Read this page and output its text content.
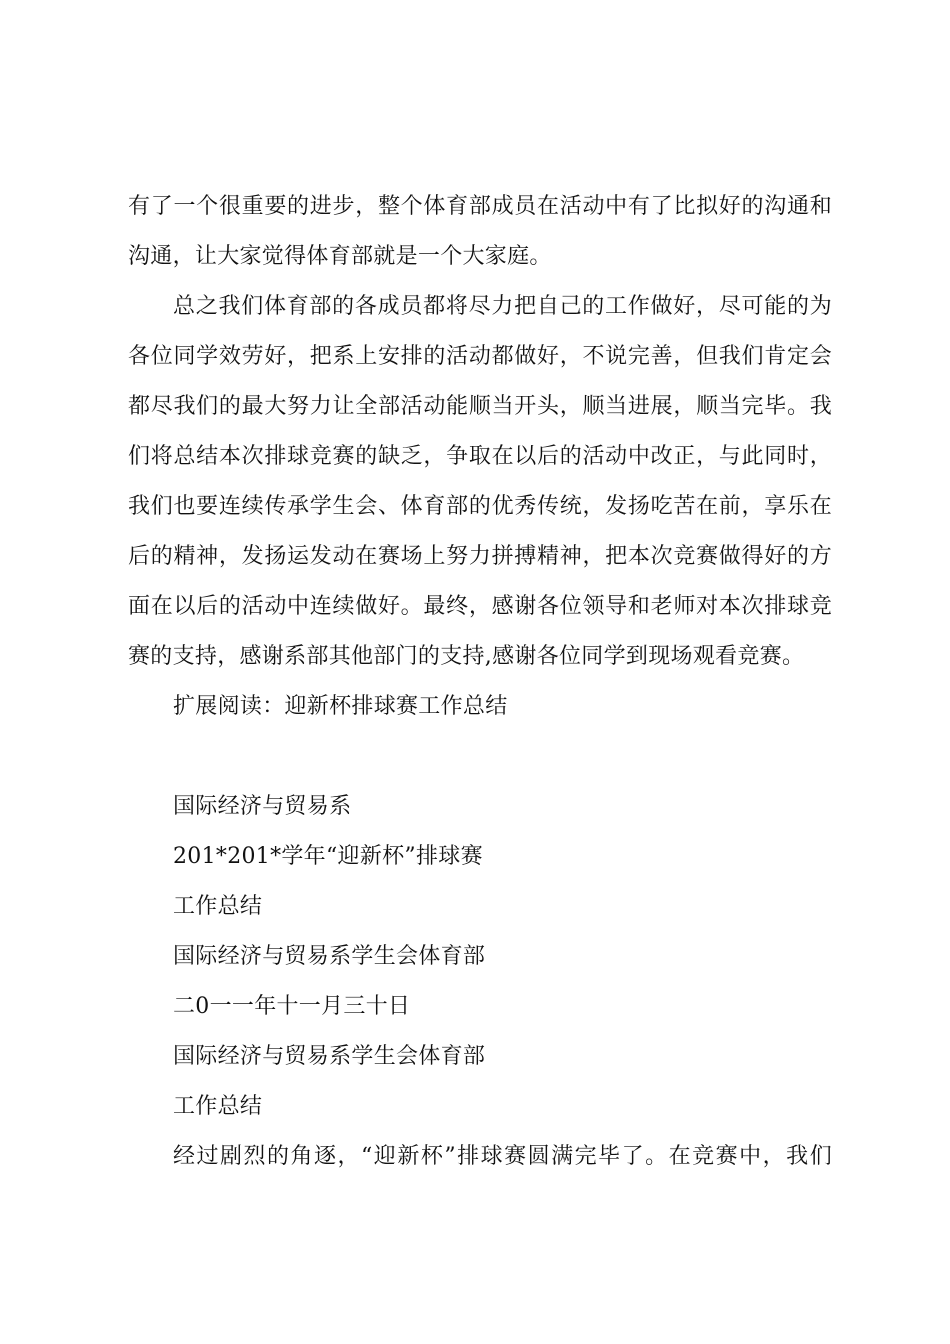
有了一个很重要的进步，整个体育部成员在活动中有了比拟好的沟通和
沟通，让大家觉得体育部就是一个大家庭。
总之我们体育部的各成员都将尽力把自己的工作做好，尽可能的为
各位同学效劳好，把系上安排的活动都做好，不说完善，但我们肯定会
都尽我们的最大努力让全部活动能顺当开头，顺当进展，顺当完毕。我
们将总结本次排球竞赛的缺乏，争取在以后的活动中改正，与此同时，
我们也要连续传承学生会、体育部的优秀传统，发扬吃苦在前，享乐在
后的精神，发扬运发动在赛场上努力拼搏精神，把本次竞赛做得好的方
面在以后的活动中连续做好。最终，感谢各位领导和老师对本次排球竞
赛的支持，感谢系部其他部门的支持,感谢各位同学到现场观看竞赛。
扩展阅读：迎新杯排球赛工作总结
国际经济与贸易系
201*201*学年“迎新杯”排球赛
工作总结
国际经济与贸易系学生会体育部
二0一一年十一月三十日
国际经济与贸易系学生会体育部
工作总结
经过剧烈的角逐，“迎新杯”排球赛圆满完毕了。在竞赛中，我们
